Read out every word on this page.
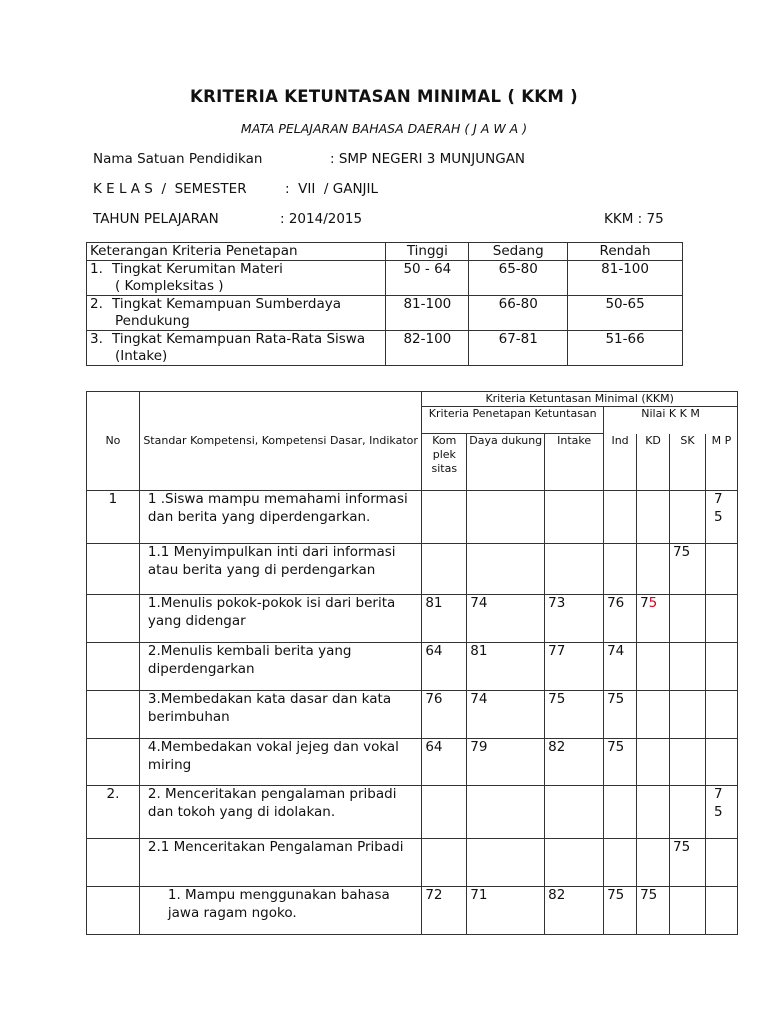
KRITERIA KETUNTASAN MINIMAL ( KKM )
MATA PELAJARAN BAHASA DAERAH ( J A W A )
Nama Satuan Pendidikan	: SMP NEGERI 3 MUNJUNGAN
K E L A S  /  SEMESTER	:  VII  / GANJIL
TAHUN PELAJARAN	: 2014/2015	KKM : 75
Keterangan Kriteria Penetapan	Tinggi	Sedang	Rendah

1. Tingkat Kerumitan Materi
( Kompleksitas )	50 - 64	65-80	81-100

2. Tingkat Kemampuan Sumberdaya
Pendukung	81-100	66-80	50-65

3. Tingkat Kemampuan Rata-Rata Siswa
(Intake)	82-100	67-81	51-66
No	Standar Kompetensi, Kompetensi Dasar, Indikator	Kriteria Ketuntasan Minimal (KKM)						
		Kriteria Penetapan Ketuntasan			Nilai K K M			
		Kom plek sitas	Daya dukung	Intake	Ind	KD	SK	M P
1	1 .Siswa mampu memahami informasi dan berita yang diperdengarkan.							7 5

	1.1 Menyimpulkan inti dari informasi atau berita yang di perdengarkan						75	

	1.Menulis pokok-pokok isi dari berita yang didengar	81	74	73	76	75		

	2.Menulis kembali berita yang diperdengarkan	64	81	77	74			

	3.Membedakan kata dasar dan kata berimbuhan	76	74	75	75			

	4.Membedakan vokal jejeg dan vokal miring	64	79	82	75			
2.	2. Menceritakan pengalaman pribadi dan tokoh yang di idolakan.							7 5

	2.1 Menceritakan Pengalaman Pribadi						75	

	1. Mampu menggunakan bahasa jawa ragam ngoko.	72	71	82	75	75		
